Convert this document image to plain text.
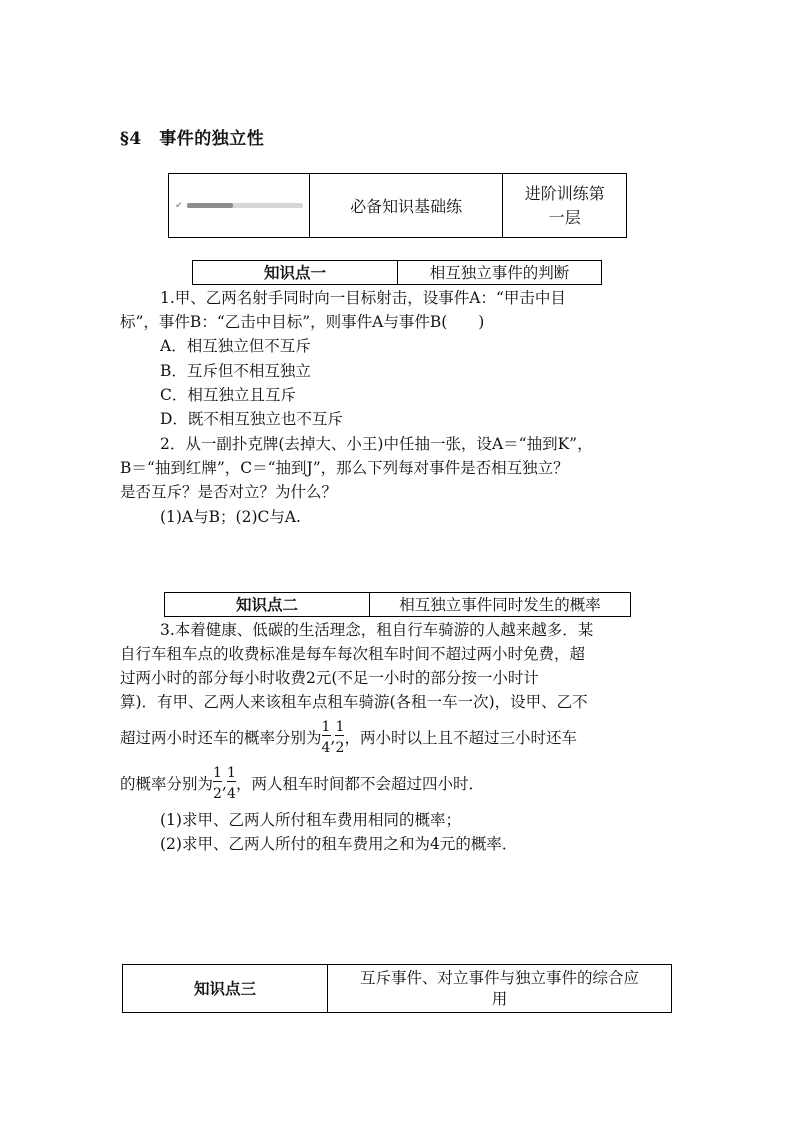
§4　事件的独立性
✔	必备知识基础练	进阶训练第
一层
知识点一	相互独立事件的判断
1.甲、乙两名射手同时向一目标射击，设事件A：“甲击中目
标”，事件B：“乙击中目标”，则事件A与事件B(　　)
A．相互独立但不互斥
B．互斥但不相互独立
C．相互独立且互斥
D．既不相互独立也不互斥
2．从一副扑克牌(去掉大、小王)中任抽一张，设A＝“抽到K”，
B＝“抽到红牌”，C＝“抽到J”，那么下列每对事件是否相互独立？
是否互斥？是否对立？为什么？
(1)A与B；(2)C与A.
知识点二	相互独立事件同时发生的概率
3.本着健康、低碳的生活理念，租自行车骑游的人越来越多．某
自行车租车点的收费标准是每车每次租车时间不超过两小时免费，超
过两小时的部分每小时收费2元(不足一小时的部分按一小时计
算)．有甲、乙两人来该租车点租车骑游(各租一车一次)，设甲、乙不
超过两小时还车的概率分别为 $\frac{1}{4}$ , $\frac{1}{2}$ ，两小时以上且不超过三小时还车
的概率分别为 $\frac{1}{2}$ , $\frac{1}{4}$ ，两人租车时间都不会超过四小时．
(1)求甲、乙两人所付租车费用相同的概率；
(2)求甲、乙两人所付的租车费用之和为4元的概率．
知识点三	互斥事件、对立事件与独立事件的综合应
用
